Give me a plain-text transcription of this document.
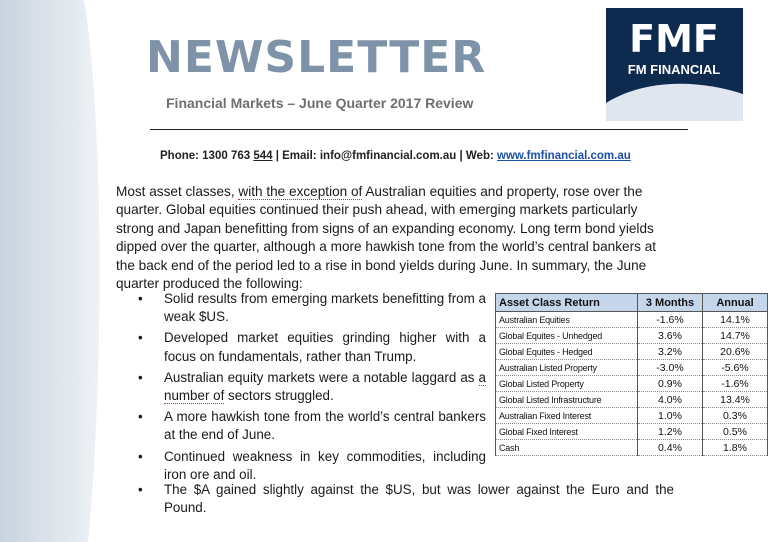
NEWSLETTER
Financial Markets – June Quarter 2017 Review
FMF
FM FINANCIAL
Phone: 1300 763 544 | Email: info@fmfinancial.com.au | Web: www.fmfinancial.com.au
Most asset classes, with the exception of Australian equities and property, rose over the quarter. Global equities continued their push ahead, with emerging markets particularly strong and Japan benefitting from signs of an expanding economy. Long term bond yields dipped over the quarter, although a more hawkish tone from the world’s central bankers at the back end of the period led to a rise in bond yields during June. In summary, the June quarter produced the following:
• Solid results from emerging markets benefitting from a weak $US.
• Developed market equities grinding higher with a focus on fundamentals, rather than Trump.
• Australian equity markets were a notable laggard as a number of sectors struggled.
• A more hawkish tone from the world’s central bankers at the end of June.
• Continued weakness in key commodities, including iron ore and oil.
• The $A gained slightly against the $US, but was lower against the Euro and the Pound.
Asset Class Return	3 Months	Annual
Australian Equities	-1.6%	14.1%
Global Equites - Unhedged	3.6%	14.7%
Global Equites - Hedged	3.2%	20.6%
Australian Listed Property	-3.0%	-5.6%
Global Listed Property	0.9%	-1.6%
Global Listed Infrastructure	4.0%	13.4%
Australian Fixed Interest	1.0%	0.3%
Global Fixed Interest	1.2%	0.5%
Cash	0.4%	1.8%
